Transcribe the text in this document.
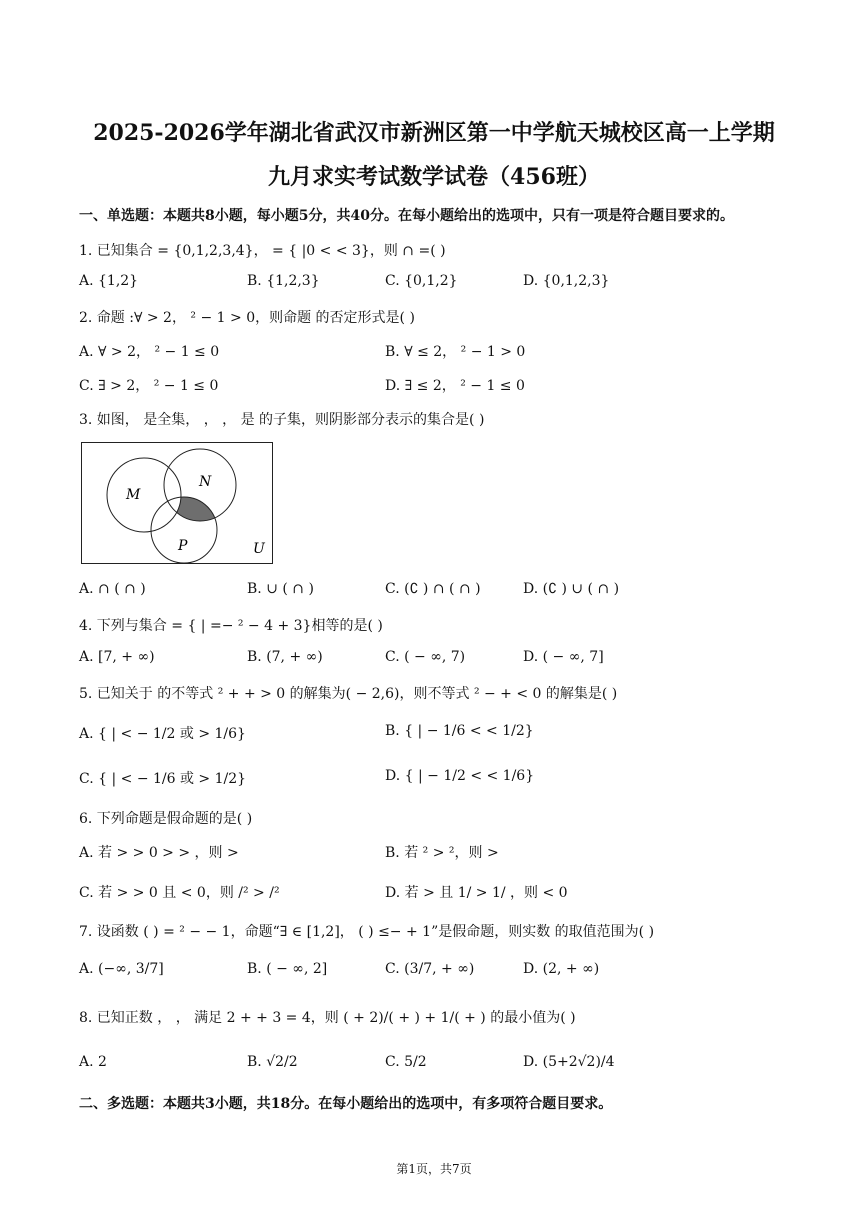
2025-2026学年湖北省武汉市新洲区第一中学航天城校区高一上学期
九月求实考试数学试卷（456班）
一、单选题：本题共8小题，每小题5分，共40分。在每小题给出的选项中，只有一项是符合题目要求的。
1. 已知集合 = {0,1,2,3,4}， = { |0 < < 3}，则 ∩ =( )
A. {1,2}	B. {1,2,3}	C. {0,1,2}	D. {0,1,2,3}
2. 命题 :∀ > 2， ² − 1 > 0，则命题 的否定形式是( )
A. ∀ > 2， ² − 1 ≤ 0	B. ∀ ≤ 2， ² − 1 > 0
C. ∃ > 2， ² − 1 ≤ 0	D. ∃ ≤ 2， ² − 1 ≤ 0
3. 如图， 是全集， ， ， 是 的子集，则阴影部分表示的集合是( )
M
N
P	U
A. ∩ ( ∩ )	B. ∪ ( ∩ )	C. (∁ ) ∩ ( ∩ )	D. (∁ ) ∪ ( ∩ )
4. 下列与集合 = { | =− ² − 4 + 3}相等的是( )
A. [7, + ∞)	B. (7, + ∞)	C. ( − ∞, 7)	D. ( − ∞, 7]
5. 已知关于 的不等式 ² + + > 0 的解集为( − 2,6)，则不等式 ² − + < 0 的解集是( )
A. { | < − 1/2 或 > 1/6}	B. { | − 1/6 < < 1/2}
C. { | < − 1/6 或 > 1/2}	D. { | − 1/2 < < 1/6}
6. 下列命题是假命题的是( )
A. 若 > > 0 > > ，则 >	B. 若 ² > ²，则 >
C. 若 > > 0 且 < 0，则 /² > /²	D. 若 > 且 1/ > 1/ ，则 < 0
7. 设函数 ( ) = ² − − 1，命题“∃ ∈ [1,2]， ( ) ≤− + 1”是假命题，则实数 的取值范围为( )
A. (−∞, 3/7]	B. ( − ∞, 2]	C. (3/7, + ∞)	D. (2, + ∞)
8. 已知正数 ， ， 满足 2 + + 3 = 4，则 ( + 2)/( + ) + 1/( + ) 的最小值为( )
A. 2	B. √2/2	C. 5/2	D. (5+2√2)/4
二、多选题：本题共3小题，共18分。在每小题给出的选项中，有多项符合题目要求。
第1页，共7页
